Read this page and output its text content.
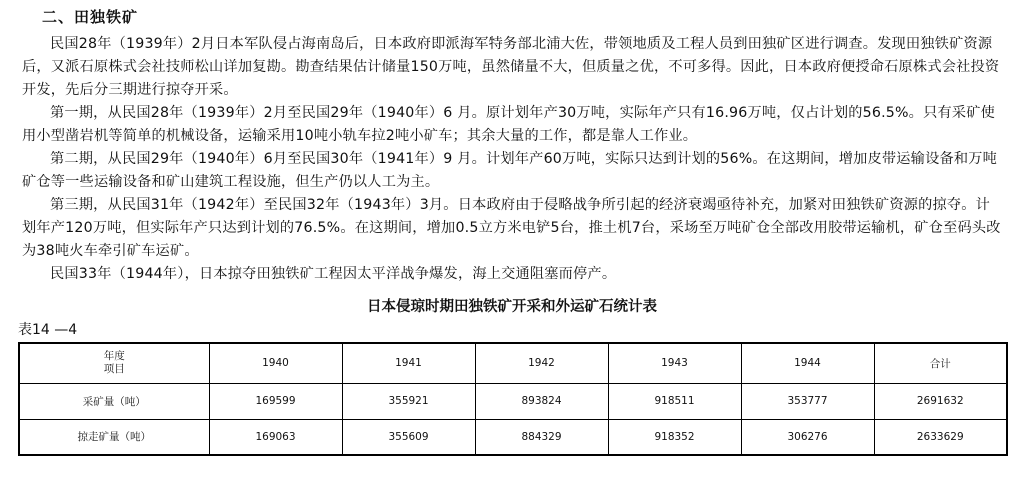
二、田独铁矿

民国28年（1939年）2月日本军队侵占海南岛后，日本政府即派海军特务部北浦大佐，带领地质及工程人员到田独矿区进行调查。发现田独铁矿资源后，又派石原株式会社技师松山详加复勘。勘查结果估计储量150万吨，虽然储量不大，但质量之优，不可多得。因此，日本政府便授命石原株式会社投资开发，先后分三期进行掠夺开采。

第一期，从民国28年（1939年）2月至民国29年（1940年）6 月。原计划年产30万吨，实际年产只有16.96万吨，仅占计划的56.5%。只有采矿使用小型凿岩机等简单的机械设备，运输采用10吨小轨车拉2吨小矿车；其余大量的工作，都是靠人工作业。

第二期，从民国29年（1940年）6月至民国30年（1941年）9 月。计划年产60万吨，实际只达到计划的56%。在这期间，增加皮带运输设备和万吨矿仓等一些运输设备和矿山建筑工程设施，但生产仍以人工为主。

第三期，从民国31年（1942年）至民国32年（1943年）3月。日本政府由于侵略战争所引起的经济衰竭亟待补充，加紧对田独铁矿资源的掠夺。计划年产120万吨，但实际年产只达到计划的76.5%。在这期间，增加0.5立方米电铲5台，推土机7台，采场至万吨矿仓全部改用胶带运输机，矿仓至码头改为38吨火车牵引矿车运矿。

民国33年（1944年），日本掠夺田独铁矿工程因太平洋战争爆发，海上交通阻塞而停产。

日本侵琼时期田独铁矿开采和外运矿石统计表
表14 —4
年度
项目	1940	1941	1942	1943	1944	合计
采矿量（吨）	169599	355921	893824	918511	353777	2691632
掠走矿量（吨）	169063	355609	884329	918352	306276	2633629
